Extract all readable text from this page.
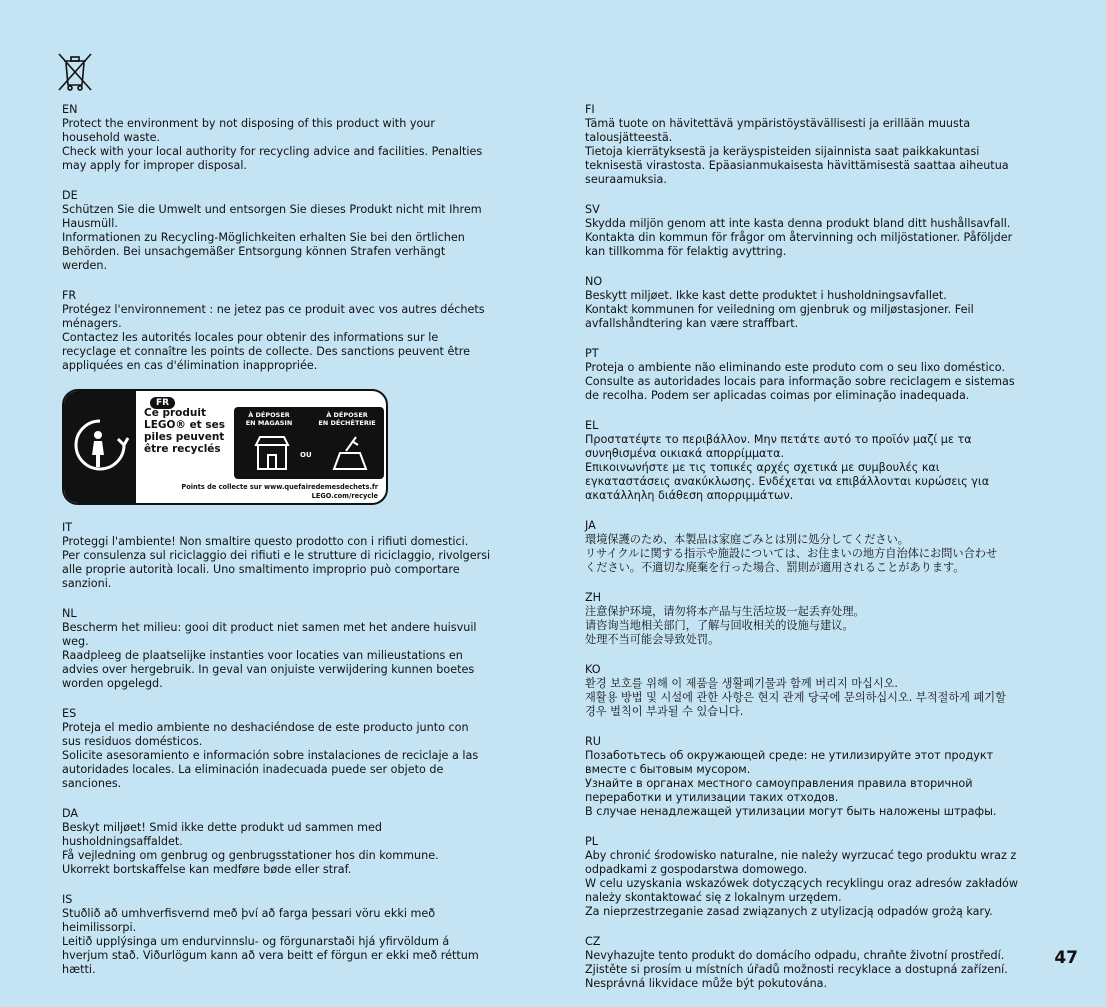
EN
Protect the environment by not disposing of this product with your
household waste.
Check with your local authority for recycling advice and facilities. Penalties
may apply for improper disposal.
DE
Schützen Sie die Umwelt und entsorgen Sie dieses Produkt nicht mit Ihrem
Hausmüll.
Informationen zu Recycling-Möglichkeiten erhalten Sie bei den örtlichen
Behörden. Bei unsachgemäßer Entsorgung können Strafen verhängt
werden.
FR
Protégez l'environnement : ne jetez pas ce produit avec vos autres déchets
ménagers.
Contactez les autorités locales pour obtenir des informations sur le
recyclage et connaître les points de collecte. Des sanctions peuvent être
appliquées en cas d'élimination inappropriée.
FR
Ce produit
LEGO® et ses
piles peuvent
être recyclés
À DÉPOSER
EN MAGASIN
À DÉPOSER
EN DÉCHÈTERIE
OU
Points de collecte sur www.quefairedemesdechets.fr
LEGO.com/recycle
IT
Proteggi l'ambiente! Non smaltire questo prodotto con i rifiuti domestici.
Per consulenza sul riciclaggio dei rifiuti e le strutture di riciclaggio, rivolgersi
alle proprie autorità locali. Uno smaltimento improprio può comportare
sanzioni.
NL
Bescherm het milieu: gooi dit product niet samen met het andere huisvuil
weg.
Raadpleeg de plaatselijke instanties voor locaties van milieustations en
advies over hergebruik. In geval van onjuiste verwijdering kunnen boetes
worden opgelegd.
ES
Proteja el medio ambiente no deshaciéndose de este producto junto con
sus residuos domésticos.
Solicite asesoramiento e información sobre instalaciones de reciclaje a las
autoridades locales. La eliminación inadecuada puede ser objeto de
sanciones.
DA
Beskyt miljøet! Smid ikke dette produkt ud sammen med
husholdningsaffaldet.
Få vejledning om genbrug og genbrugsstationer hos din kommune.
Ukorrekt bortskaffelse kan medføre bøde eller straf.
IS
Stuðlið að umhverfisvernd með því að farga þessari vöru ekki með
heimilissorpi.
Leitið upplýsinga um endurvinnslu- og förgunarstaði hjá yfirvöldum á
hverjum stað. Viðurlögum kann að vera beitt ef förgun er ekki með réttum
hætti.
FI
Tämä tuote on hävitettävä ympäristöystävällisesti ja erillään muusta
talousjätteestä.
Tietoja kierrätyksestä ja keräyspisteiden sijainnista saat paikkakuntasi
teknisestä virastosta. Epäasianmukaisesta hävittämisestä saattaa aiheutua
seuraamuksia.
SV
Skydda miljön genom att inte kasta denna produkt bland ditt hushållsavfall.
Kontakta din kommun för frågor om återvinning och miljöstationer. Påföljder
kan tillkomma för felaktig avyttring.
NO
Beskytt miljøet. Ikke kast dette produktet i husholdningsavfallet.
Kontakt kommunen for veiledning om gjenbruk og miljøstasjoner. Feil
avfallshåndtering kan være straffbart.
PT
Proteja o ambiente não eliminando este produto com o seu lixo doméstico.
Consulte as autoridades locais para informação sobre reciclagem e sistemas
de recolha. Podem ser aplicadas coimas por eliminação inadequada.
EL
Προστατέψτε το περιβάλλον. Μην πετάτε αυτό το προϊόν μαζί με τα
συνηθισμένα οικιακά απορρίμματα.
Επικοινωνήστε με τις τοπικές αρχές σχετικά με συμβουλές και
εγκαταστάσεις ανακύκλωσης. Ενδέχεται να επιβάλλονται κυρώσεις για
ακατάλληλη διάθεση απορριμμάτων.
JA
環境保護のため、本製品は家庭ごみとは別に処分してください。
リサイクルに関する指示や施設については、お住まいの地方自治体にお問い合わせ
ください。不適切な廃棄を行った場合、罰則が適用されることがあります。
ZH
注意保护环境，请勿将本产品与生活垃圾一起丢弃处理。
请咨询当地相关部门，了解与回收相关的设施与建议。
处理不当可能会导致处罚。
KO
환경 보호를 위해 이 제품을 생활폐기물과 함께 버리지 마십시오.
재활용 방법 및 시설에 관한 사항은 현지 관계 당국에 문의하십시오. 부적절하게 폐기할
경우 벌칙이 부과될 수 있습니다.
RU
Позаботьтесь об окружающей среде: не утилизируйте этот продукт
вместе с бытовым мусором.
Узнайте в органах местного самоуправления правила вторичной
переработки и утилизации таких отходов.
В случае ненадлежащей утилизации могут быть наложены штрафы.
PL
Aby chronić środowisko naturalne, nie należy wyrzucać tego produktu wraz z
odpadkami z gospodarstwa domowego.
W celu uzyskania wskazówek dotyczących recyklingu oraz adresów zakładów
należy skontaktować się z lokalnym urzędem.
Za nieprzestrzeganie zasad związanych z utylizacją odpadów grożą kary.
CZ
Nevyhazujte tento produkt do domácího odpadu, chraňte životní prostředí.
Zjistěte si prosím u místních úřadů možnosti recyklace a dostupná zařízení.
Nesprávná likvidace může být pokutována.
47
